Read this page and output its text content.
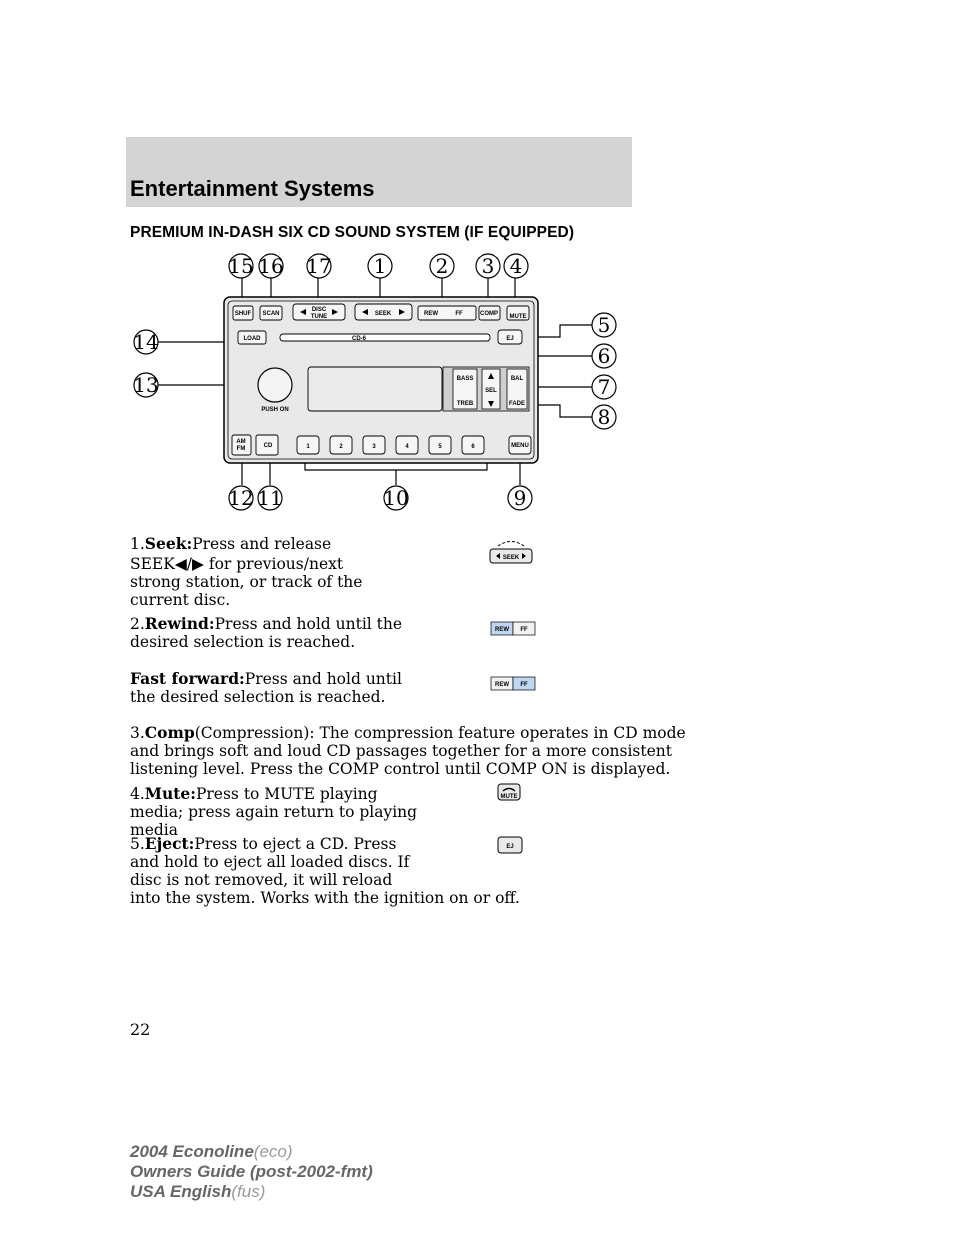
Entertainment Systems
PREMIUM IN-DASH SIX CD SOUND SYSTEM (IF EQUIPPED)
15 16 17 1 2 3 4
5
6
7
8
9
10
11
12
13
14
SHUF SCAN
DISC
TUNE	SEEK	REW	FF	COMP MUTE
LOAD	CD-6	EJ
PUSH ON
BASS
TREB
SEL
BAL
FADE
AM
FM	CD	1	2	3	4	5	6	MENU
1.Seek:Press and release
SEEK◀/▶ for previous/next
strong station, or track of the
current disc.
SEEK
2.Rewind:Press and hold until the
desired selection is reached.
REW FF
Fast forward:Press and hold until
the desired selection is reached.
REW FF
3.Comp(Compression): The compression feature operates in CD mode
and brings soft and loud CD passages together for a more consistent
listening level. Press the COMP control until COMP ON is displayed.
4.Mute:Press to MUTE playing
media; press again return to playing
media
MUTE
5.Eject:Press to eject a CD. Press
and hold to eject all loaded discs. If
disc is not removed, it will reload
into the system. Works with the ignition on or off.
EJ
22
2004 Econoline(eco)
Owners Guide (post-2002-fmt)
USA English(fus)
